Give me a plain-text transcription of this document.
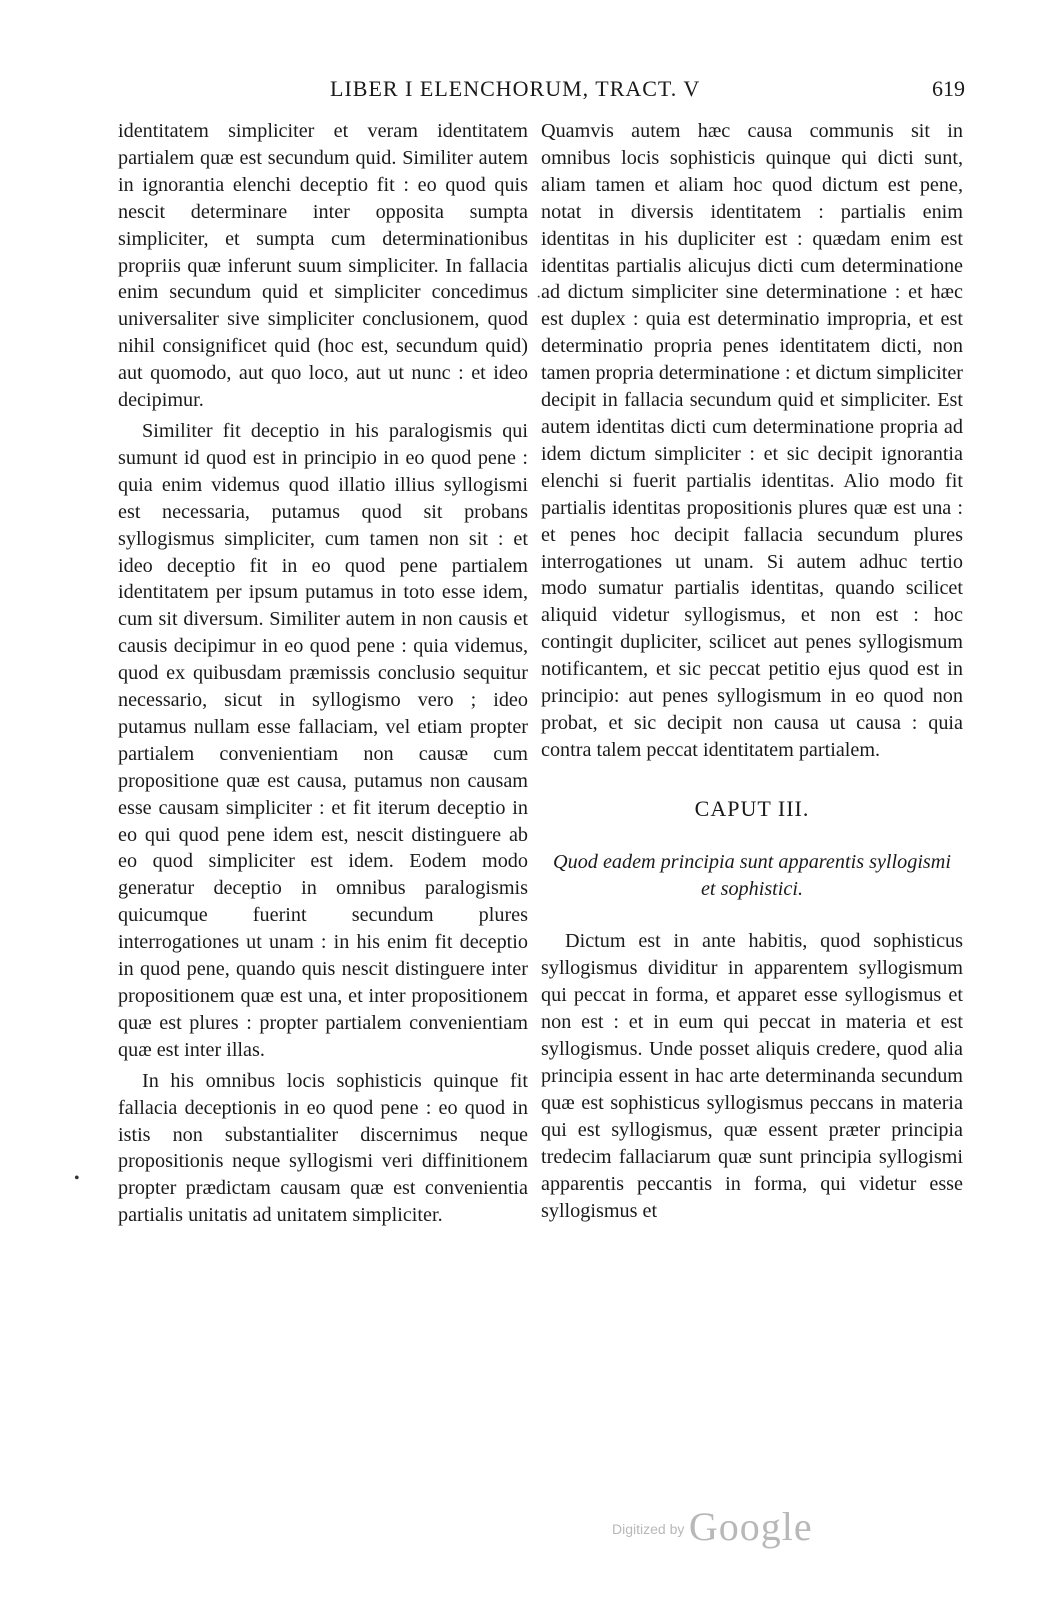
LIBER I ELENCHORUM, TRACT. V	619

identitatem simpliciter et veram identitatem partialem quæ est secundum quid. Similiter autem in ignorantia elenchi deceptio fit : eo quod quis nescit determinare inter opposita sumpta simpliciter, et sumpta cum determinationibus propriis quæ inferunt suum simpliciter. In fallacia enim secundum quid et simpliciter concedimus universaliter sive simpliciter conclusionem, quod nihil consignificet quid (hoc est, secundum quid) aut quomodo, aut quo loco, aut ut nunc : et ideo decipimur.

Similiter fit deceptio in his paralogismis qui sumunt id quod est in principio in eo quod pene : quia enim videmus quod illatio illius syllogismi est necessaria, putamus quod sit probans syllogismus simpliciter, cum tamen non sit : et ideo deceptio fit in eo quod pene partialem identitatem per ipsum putamus in toto esse idem, cum sit diversum. Similiter autem in non causis et causis decipimur in eo quod pene : quia videmus, quod ex quibusdam præmissis conclusio sequitur necessario, sicut in syllogismo vero ; ideo putamus nullam esse fallaciam, vel etiam propter partialem convenientiam non causæ cum propositione quæ est causa, putamus non causam esse causam simpliciter : et fit iterum deceptio in eo qui quod pene idem est, nescit distinguere ab eo quod simpliciter est idem. Eodem modo generatur deceptio in omnibus paralogismis quicumque fuerint secundum plures interrogationes ut unam : in his enim fit deceptio in quod pene, quando quis nescit distinguere inter propositionem quæ est una, et inter propositionem quæ est plures : propter partialem convenientiam quæ est inter illas.

In his omnibus locis sophisticis quinque fit fallacia deceptionis in eo quod pene : eo quod in istis non substantialiter discernimus neque propositionis neque syllogismi veri diffinitionem propter prædictam causam quæ est convenientia partialis unitatis ad unitatem simpliciter.

Quamvis autem hæc causa communis sit in omnibus locis sophisticis quinque qui dicti sunt, aliam tamen et aliam hoc quod dictum est pene, notat in diversis identitatem : partialis enim identitas in his dupliciter est : quædam enim est identitas partialis alicujus dicti cum determinatione ad dictum simpliciter sine determinatione : et hæc est duplex : quia est determinatio impropria, et est determinatio propria penes identitatem dicti, non tamen propria determinatione : et dictum simpliciter decipit in fallacia secundum quid et simpliciter. Est autem identitas dicti cum determinatione propria ad idem dictum simpliciter : et sic decipit ignorantia elenchi si fuerit partialis identitas. Alio modo fit partialis identitas propositionis plures quæ est una : et penes hoc decipit fallacia secundum plures interrogationes ut unam. Si autem adhuc tertio modo sumatur partialis identitas, quando scilicet aliquid videtur syllogismus, et non est : hoc contingit dupliciter, scilicet aut penes syllogismum notificantem, et sic peccat petitio ejus quod est in principio: aut penes syllogismum in eo quod non probat, et sic decipit non causa ut causa : quia contra talem peccat identitatem partialem.

CAPUT III.
Quod eadem principia sunt apparentis syllogismi et sophistici.

Dictum est in ante habitis, quod sophisticus syllogismus dividitur in apparentem syllogismum qui peccat in forma, et apparet esse syllogismus et non est : et in eum qui peccat in materia et est syllogismus. Unde posset aliquis credere, quod alia principia essent in hac arte determinanda secundum quæ est sophisticus syllogismus peccans in materia qui est syllogismus, quæ essent præter principia tredecim fallaciarum quæ sunt principia syllogismi apparentis peccantis in forma, qui videtur esse syllogismus et

·
•
Digitized by Google
